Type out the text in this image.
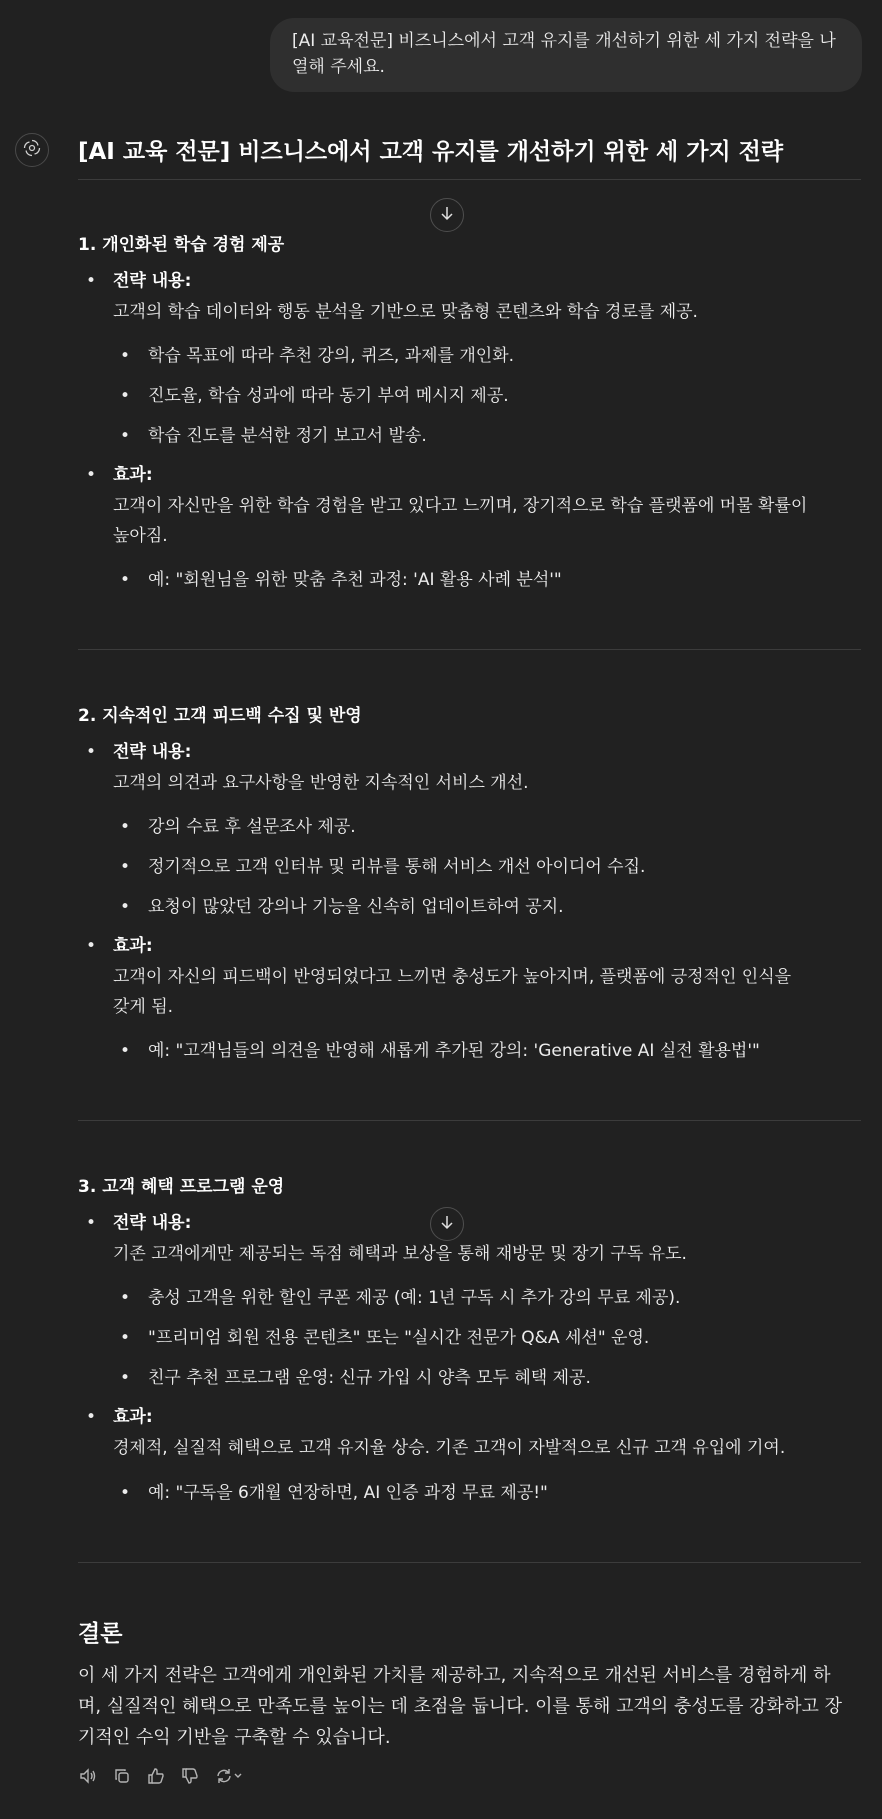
[AI 교육전문] 비즈니스에서 고객 유지를 개선하기 위한 세 가지 전략을 나열해 주세요.
[AI 교육 전문] 비즈니스에서 고객 유지를 개선하기 위한 세 가지 전략
1. 개인화된 학습 경험 제공
• 전략 내용:
고객의 학습 데이터와 행동 분석을 기반으로 맞춤형 콘텐츠와 학습 경로를 제공.
•	학습 목표에 따라 추천 강의, 퀴즈, 과제를 개인화.
•	진도율, 학습 성과에 따라 동기 부여 메시지 제공.
•	학습 진도를 분석한 정기 보고서 발송.
• 효과:
고객이 자신만을 위한 학습 경험을 받고 있다고 느끼며, 장기적으로 학습 플랫폼에 머물 확률이
높아짐.
•	예: "회원님을 위한 맞춤 추천 과정: 'AI 활용 사례 분석'"
2. 지속적인 고객 피드백 수집 및 반영
• 전략 내용:
고객의 의견과 요구사항을 반영한 지속적인 서비스 개선.
•	강의 수료 후 설문조사 제공.
•	정기적으로 고객 인터뷰 및 리뷰를 통해 서비스 개선 아이디어 수집.
•	요청이 많았던 강의나 기능을 신속히 업데이트하여 공지.
• 효과:
고객이 자신의 피드백이 반영되었다고 느끼면 충성도가 높아지며, 플랫폼에 긍정적인 인식을
갖게 됨.
•	예: "고객님들의 의견을 반영해 새롭게 추가된 강의: 'Generative AI 실전 활용법'"
3. 고객 혜택 프로그램 운영
• 전략 내용:
기존 고객에게만 제공되는 독점 혜택과 보상을 통해 재방문 및 장기 구독 유도.
•	충성 고객을 위한 할인 쿠폰 제공 (예: 1년 구독 시 추가 강의 무료 제공).
•	"프리미엄 회원 전용 콘텐츠" 또는 "실시간 전문가 Q&A 세션" 운영.
•	친구 추천 프로그램 운영: 신규 가입 시 양측 모두 혜택 제공.
• 효과:
경제적, 실질적 혜택으로 고객 유지율 상승. 기존 고객이 자발적으로 신규 고객 유입에 기여.
•	예: "구독을 6개월 연장하면, AI 인증 과정 무료 제공!"
결론
이 세 가지 전략은 고객에게 개인화된 가치를 제공하고, 지속적으로 개선된 서비스를 경험하게 하
며, 실질적인 혜택으로 만족도를 높이는 데 초점을 둡니다. 이를 통해 고객의 충성도를 강화하고 장
기적인 수익 기반을 구축할 수 있습니다.
